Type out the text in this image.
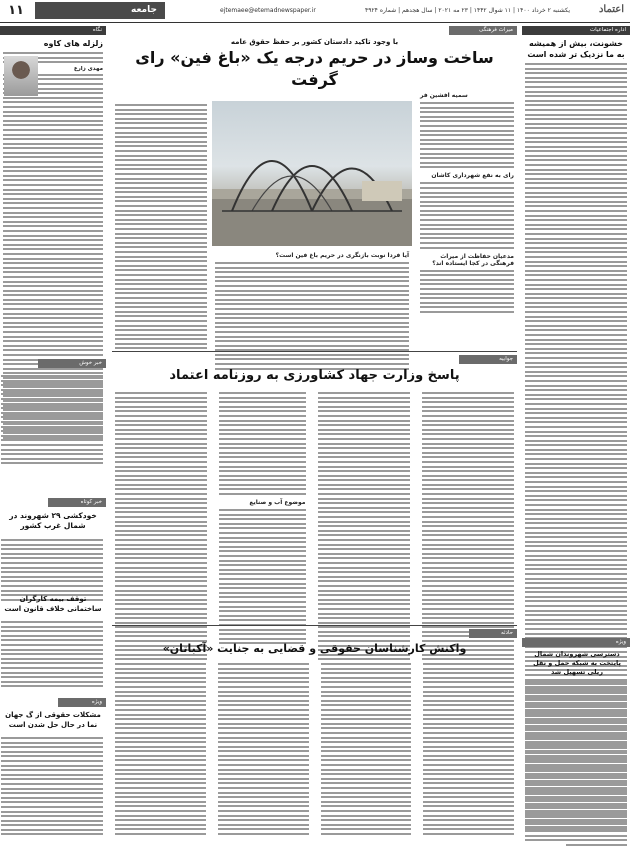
اعتماد
یکشنبه ۲ خرداد ۱۴۰۰ | ۱۱ شوال ۱۴۴۲ | ۲۳ مه ۲۰۲۱ | سال هجدهم | شماره ۴۹۲۴
ejtemaee@etemadnewspaper.ir
جامعه
۱۱
اداره اجتماعیات
خشونت، بیش از همیشه به ما نزدیک تر شده است
ویژه
دسترسی شهروندان شمال پایتخت به شبکه حمل و نقل ریلی تسهیل شد
میراث فرهنگی
با وجود تاکید دادستان کشور بر حفظ حقوق عامه
ساخت وساز در حریم درجه یک «باغ فین» رای گرفت
سمیه افشین فر
رای به نفع شهرداری کاشان
مدعیان حفاظت از میراث فرهنگی در کجا ایستاده اند؟
آیا فردا نوبت بازنگری در حریم باغ فین است؟
جوابیه
پاسخ وزارت جهاد کشاورزی به روزنامه اعتماد
موضوع آب و صنایع
حادثه
واکنش کارشناسان حقوقی و قضایی به جنایت «آکباتان»
نگاه
زلزله های کاوه
مهدی زارع
خبر خوش
خبر کوتاه
خودکشی ۲۹ شهروند در شمال غرب کشور
توقف بیمه کارگران ساختمانی خلاف قانون است
ویژه
مشکلات حقوقی از گ جهان نما در حال حل شدن است
